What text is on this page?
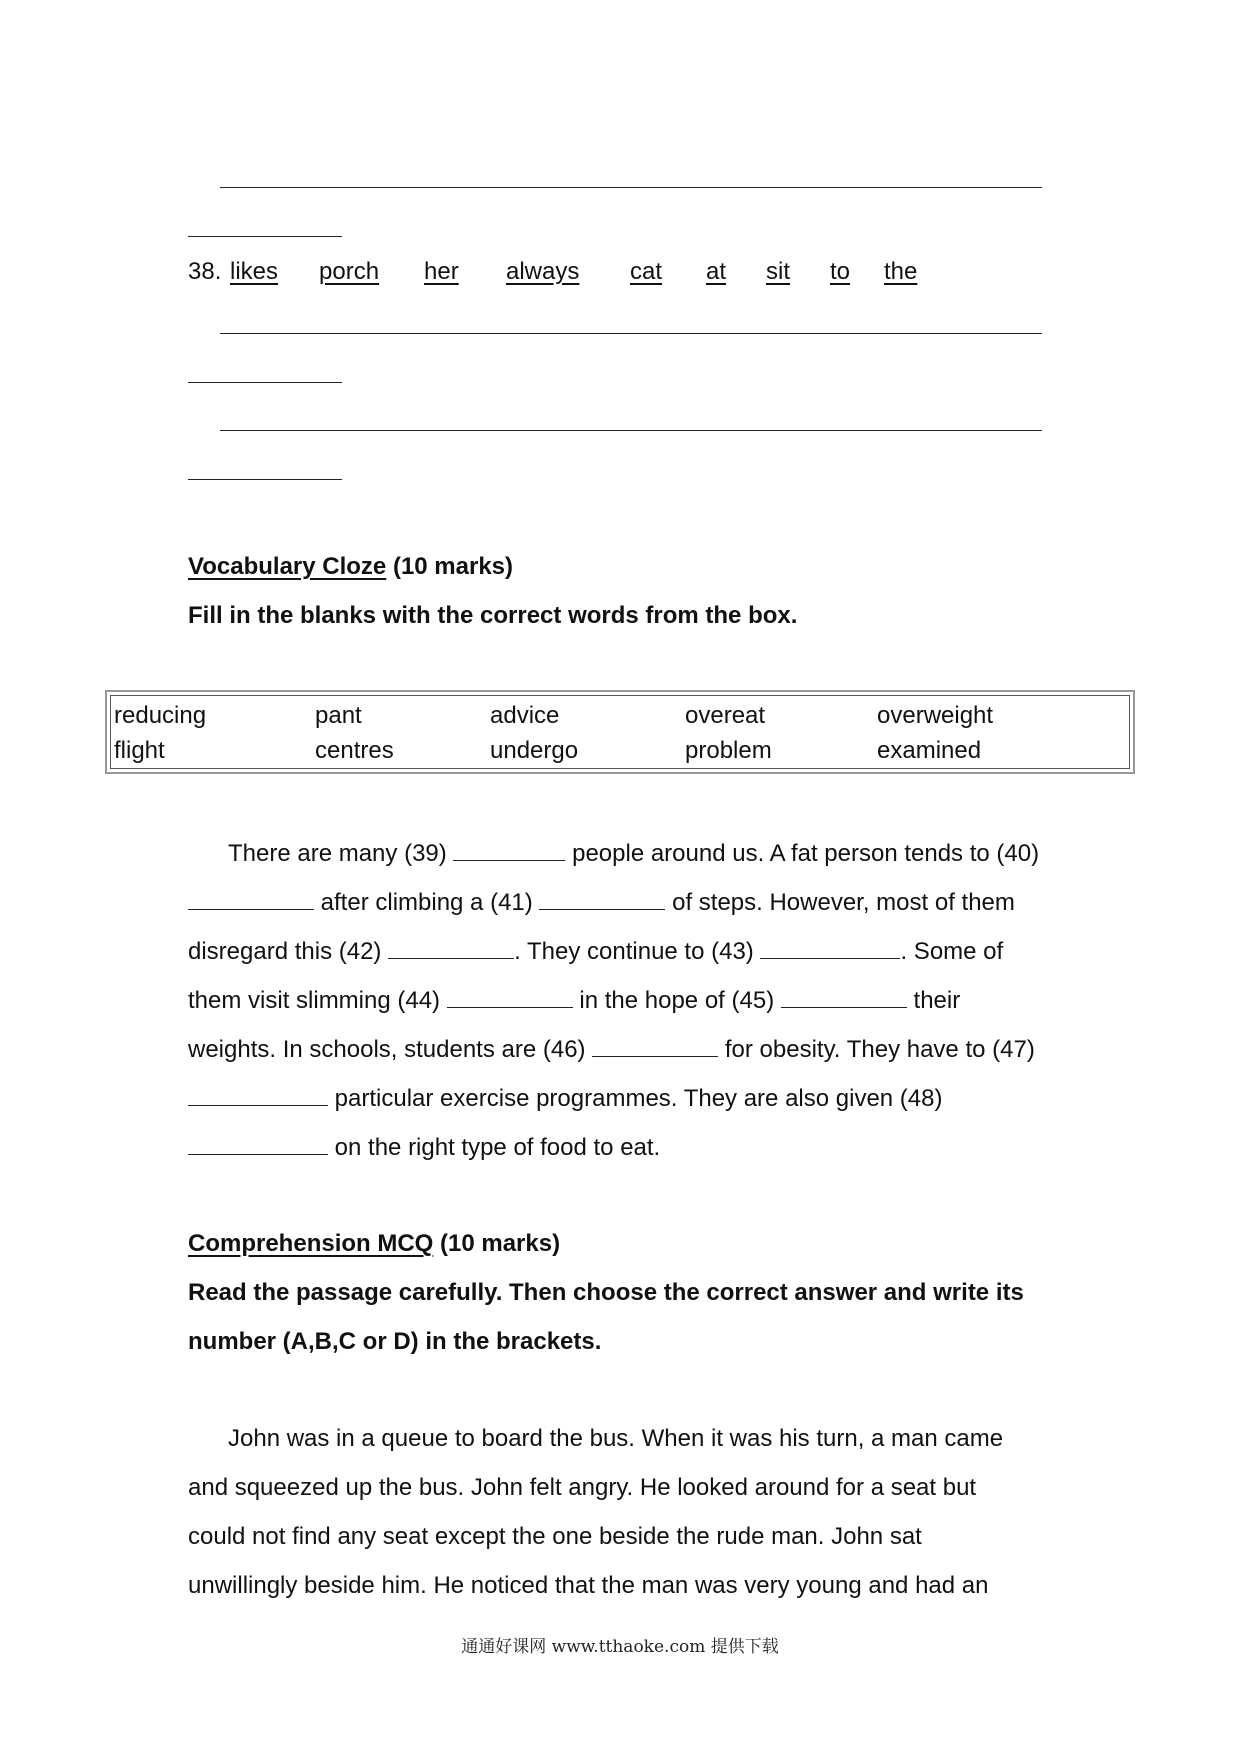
38. likes porch her always cat at sit to the
Vocabulary Cloze (10 marks)
Fill in the blanks with the correct words from the box.
reducing	pant	advice	overeat	overweight
flight	centres	undergo	problem	examined
There are many (39)	people around us. A fat person tends to (40)
after climbing a (41)	of steps. However, most of them
disregard this (42)	. They continue to (43)	. Some of
them visit slimming (44)	in the hope of (45)	their
weights. In schools, students are (46)	for obesity. They have to (47)
particular exercise programmes. They are also given (48)
on the right type of food to eat.
Comprehension MCQ (10 marks)
Read the passage carefully. Then choose the correct answer and write its
number (A,B,C or D) in the brackets.
John was in a queue to board the bus. When it was his turn, a man came
and squeezed up the bus. John felt angry. He looked around for a seat but
could not find any seat except the one beside the rude man. John sat
unwillingly beside him. He noticed that the man was very young and had an
通通好课网 www.tthaoke.com 提供下载
